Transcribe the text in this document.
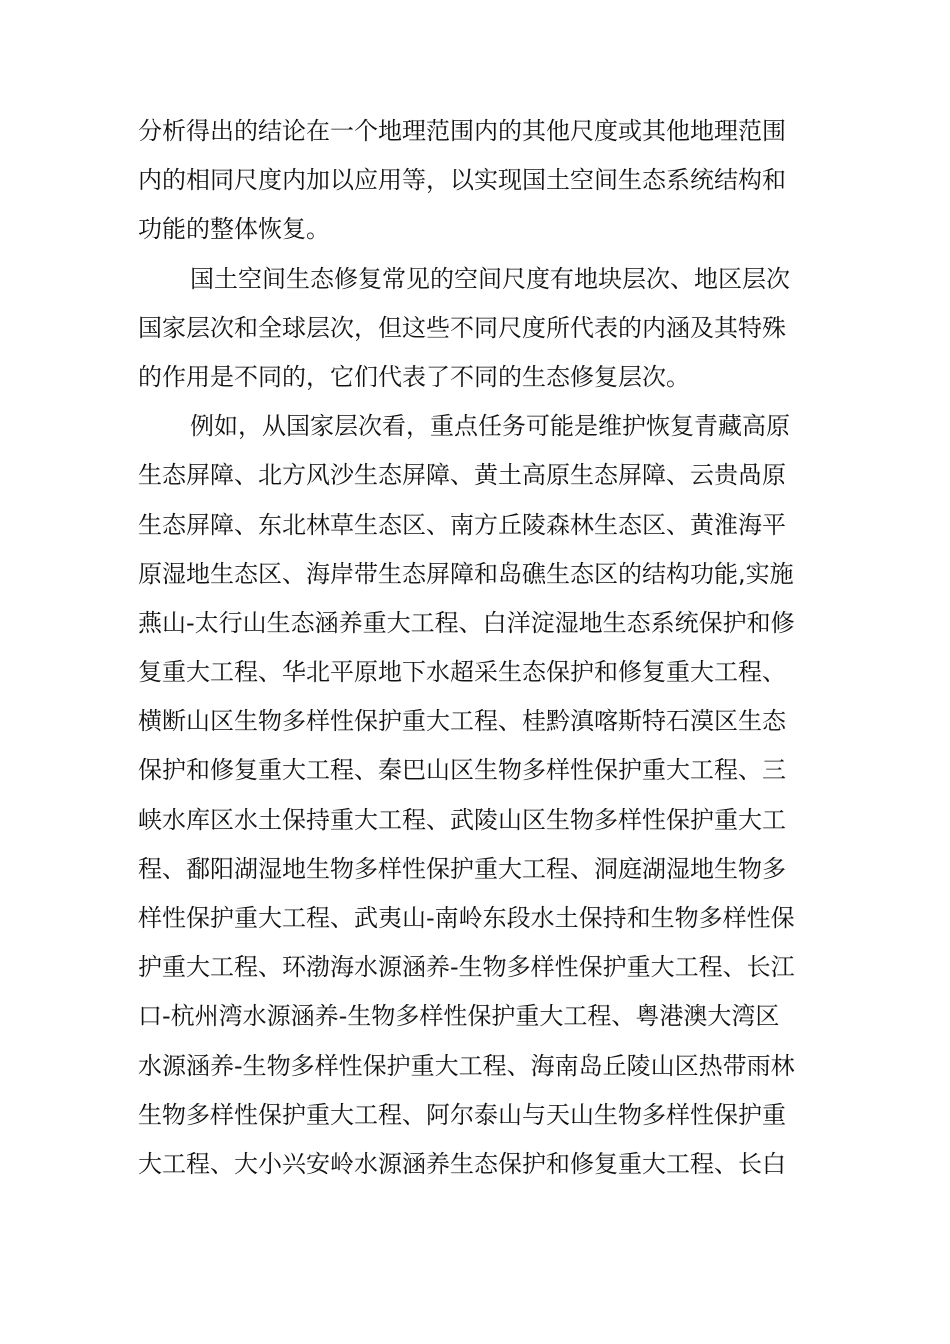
分析得出的结论在一个地理范围内的其他尺度或其他地理范围
内的相同尺度内加以应用等，以实现国土空间生态系统结构和
功能的整体恢复。
国土空间生态修复常见的空间尺度有地块层次、地区层次
国家层次和全球层次，但这些不同尺度所代表的内涵及其特殊
的作用是不同的，它们代表了不同的生态修复层次。
例如，从国家层次看，重点任务可能是维护恢复青藏高原
生态屏障、北方风沙生态屏障、黄土高原生态屏障、云贵咼原
生态屏障、东北林草生态区、南方丘陵森林生态区、黄淮海平
原湿地生态区、海岸带生态屏障和岛礁生态区的结构功能,实施
燕山-太行山生态涵养重大工程、白洋淀湿地生态系统保护和修
复重大工程、华北平原地下水超采生态保护和修复重大工程、
横断山区生物多样性保护重大工程、桂黔滇喀斯特石漠区生态
保护和修复重大工程、秦巴山区生物多样性保护重大工程、三
峡水库区水土保持重大工程、武陵山区生物多样性保护重大工
程、鄱阳湖湿地生物多样性保护重大工程、洞庭湖湿地生物多
样性保护重大工程、武夷山-南岭东段水土保持和生物多样性保
护重大工程、环渤海水源涵养-生物多样性保护重大工程、长江
口-杭州湾水源涵养-生物多样性保护重大工程、粤港澳大湾区
水源涵养-生物多样性保护重大工程、海南岛丘陵山区热带雨林
生物多样性保护重大工程、阿尔泰山与天山生物多样性保护重
大工程、大小兴安岭水源涵养生态保护和修复重大工程、长白
